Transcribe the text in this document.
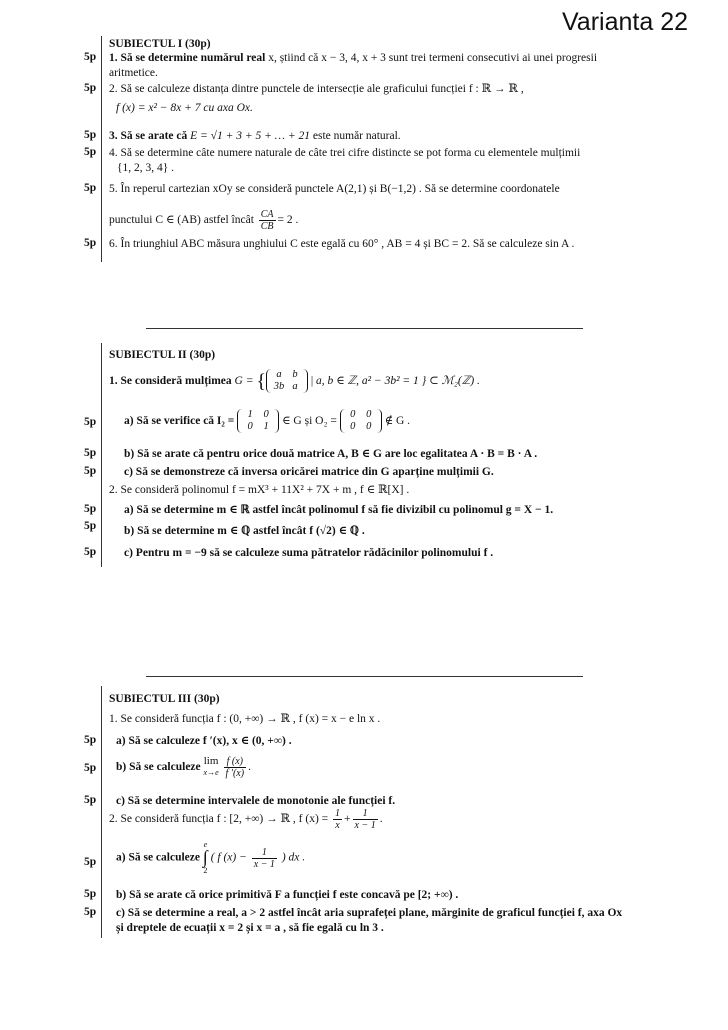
Varianta 22
SUBIECTUL I (30p)
5p 1. Să se determine numărul real x, știind că x − 3, 4, x + 3 sunt trei termeni consecutivi ai unei progresii
aritmetice.
5p 2. Să se calculeze distanța dintre punctele de intersecție ale graficului funcției f : ℝ → ℝ ,
f (x) = x² − 8x + 7 cu axa Ox.
5p 3. Să se arate că E = √1 + 3 + 5 + … + 21 este număr natural.
5p 4. Să se determine câte numere naturale de câte trei cifre distincte se pot forma cu elementele mulțimii
{1, 2, 3, 4} .
5p 5. În reperul cartezian xOy se consideră punctele A(2,1) și B(−1,2) . Să se determine coordonatele
punctului C ∈ (AB) astfel încât $\frac{CA}{CB} = 2$ .
5p 6. În triunghiul ABC măsura unghiului C este egală cu 60° , AB = 4 și BC = 2. Să se calculeze sin A .
SUBIECTUL II (30p)
1. Se consideră mulțimea G = { a b
3b a | a, b ∈ ℤ, a² − 3b² = 1 } ⊂ ℳ₂(ℤ) .
5p a) Să se verifice că I₂ = 1 0
0 1 ∈ G și O₂ = 0 0
0 0 ∉ G .
5p b) Să se arate că pentru orice două matrice A, B ∈ G are loc egalitatea A · B = B · A .
5p c) Să se demonstreze că inversa oricărei matrice din G aparține mulțimii G.
2. Se consideră polinomul f = mX³ + 11X² + 7X + m , f ∈ ℝ[X] .
5p a) Să se determine m ∈ ℝ astfel încât polinomul f să fie divizibil cu polinomul g = X − 1.
5p b) Să se determine m ∈ ℚ astfel încât f (√2) ∈ ℚ .
5p c) Pentru m = −9 să se calculeze suma pătratelor rădăcinilor polinomului f .
SUBIECTUL III (30p)
1. Se consideră funcția f : (0, +∞) → ℝ , f (x) = x − e ln x .
5p a) Să se calculeze f ′(x), x ∈ (0, +∞) .
5p b) Să se calculeze lim
$x\to e \frac{f (x)}{f '(x)}$ .
5p c) Să se determine intervalele de monotonie ale funcției f.
2. Se consideră funcția f : [2, +∞) → ℝ , f $(x) = \frac{1}{x} + \frac{1}{x - 1}$ .
5p a) Să se calculeze e
∫
2 ( f $(x) - \frac{1}{x - 1}$ ) dx .
5p b) Să se arate că orice primitivă F a funcției f este concavă pe [2; +∞) .
5p c) Să se determine a real, a > 2 astfel încât aria suprafeței plane, mărginite de graficul funcției f, axa Ox
și dreptele de ecuații x = 2 și x = a , să fie egală cu ln 3 .
